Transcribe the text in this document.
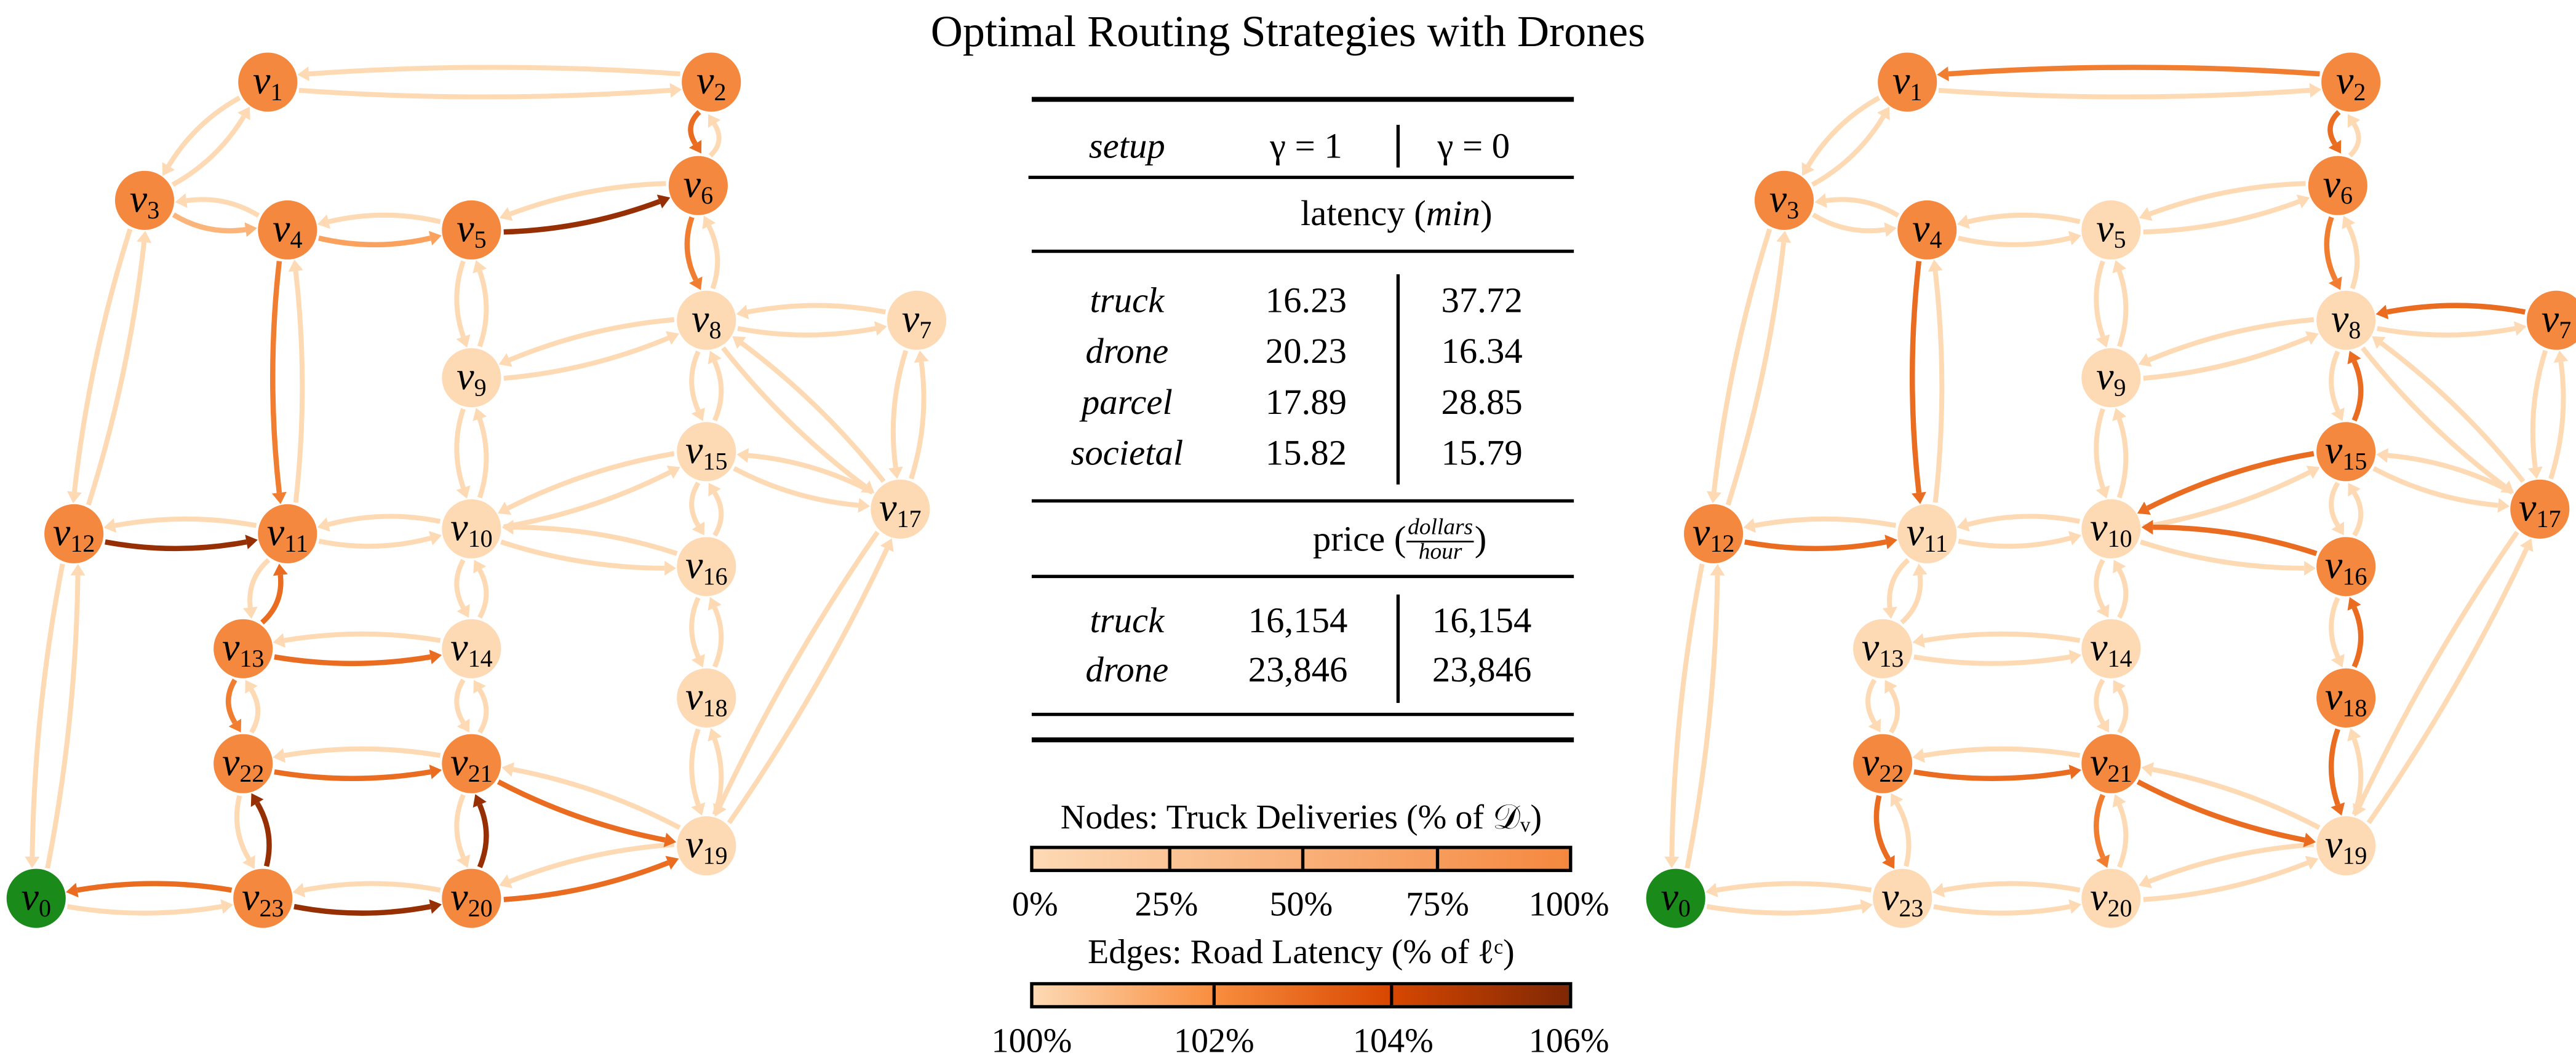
Optimal Routing Strategies with Drones
v0
v1	v2
v3	v4	v5
v6
v7
v8
v9
v10
v11
v12
v13	v14
v15
v16
v17
v18
v19
v20
v21
v22
v23	v0
v1	v2
v3	v4	v5
v6
v7
v8
v9
v10
v11
v12
v13	v14
v15
v16
v17
v18
v19
v20
v21
v22
v23
setup	γ = 1	γ = 0
latency (min)
truck	16.23	37.72
drone	20.23	16.34
parcel	17.89	28.85
societal	15.82	15.79
price ( $\frac{\text{dollars}}{\text{hour}}$ )
truck	16,154	16,154
drone	23,846	23,846
Nodes: Truck Deliveries (% of 𝒟ᵥ)
0%	25%	50%	75%	100%
Edges: Road Latency (% of ℓᶜ)
100%	102%	104%	106%
